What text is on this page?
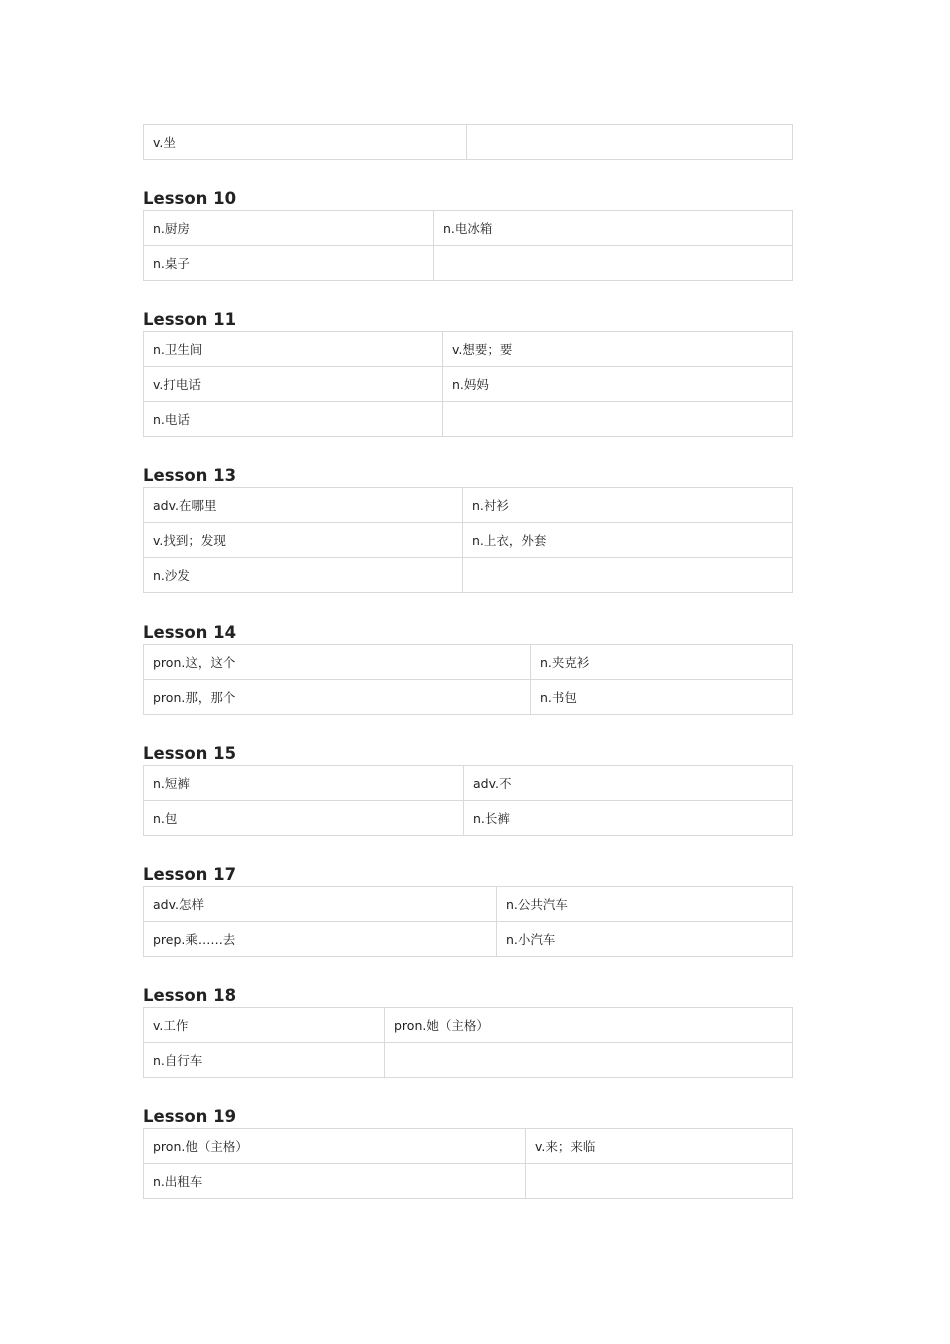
v.坐	
Lesson 10
n.厨房	n.电冰箱
n.桌子	
Lesson 11
n.卫生间	v.想要；要
v.打电话	n.妈妈
n.电话	
Lesson 13
adv.在哪里	n.衬衫
v.找到；发现	n.上衣，外套
n.沙发	
Lesson 14
pron.这，这个	n.夹克衫
pron.那，那个	n.书包
Lesson 15
n.短裤	adv.不
n.包	n.长裤
Lesson 17
adv.怎样	n.公共汽车
prep.乘……去	n.小汽车
Lesson 18
v.工作	pron.她（主格）
n.自行车	
Lesson 19
pron.他（主格）	v.来；来临
n.出租车	
